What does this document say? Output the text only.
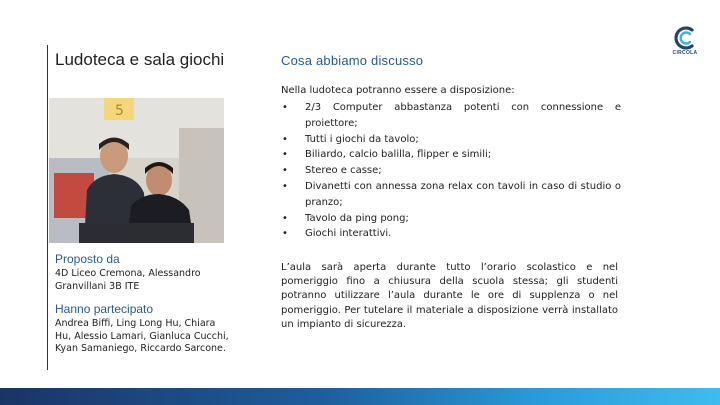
Ludoteca e sala giochi
5
Proposto da
4D Liceo Cremona, Alessandro Granvillani 3B ITE
Hanno partecipato
Andrea Biffi, Ling Long Hu, Chiara Hu, Alessio Lamari, Gianluca Cucchi, Kyan Samaniego, Riccardo Sarcone.
Cosa abbiamo discusso
Nella ludoteca potranno essere a disposizione:
• 2/3 Computer abbastanza potenti con connessione e proiettore;
• Tutti i giochi da tavolo;
• Biliardo, calcio balilla, flipper e simili;
• Stereo e casse;
• Divanetti con annessa zona relax con tavoli in caso di studio o pranzo;
• Tavolo da ping pong;
• Giochi interattivi.
L’aula sarà aperta durante tutto l’orario scolastico e nel pomeriggio fino a chiusura della scuola stessa; gli studenti potranno utilizzare l’aula durante le ore di supplenza o nel pomeriggio. Per tutelare il materiale a disposizione verrà installato un impianto di sicurezza.
CIRCOLA
